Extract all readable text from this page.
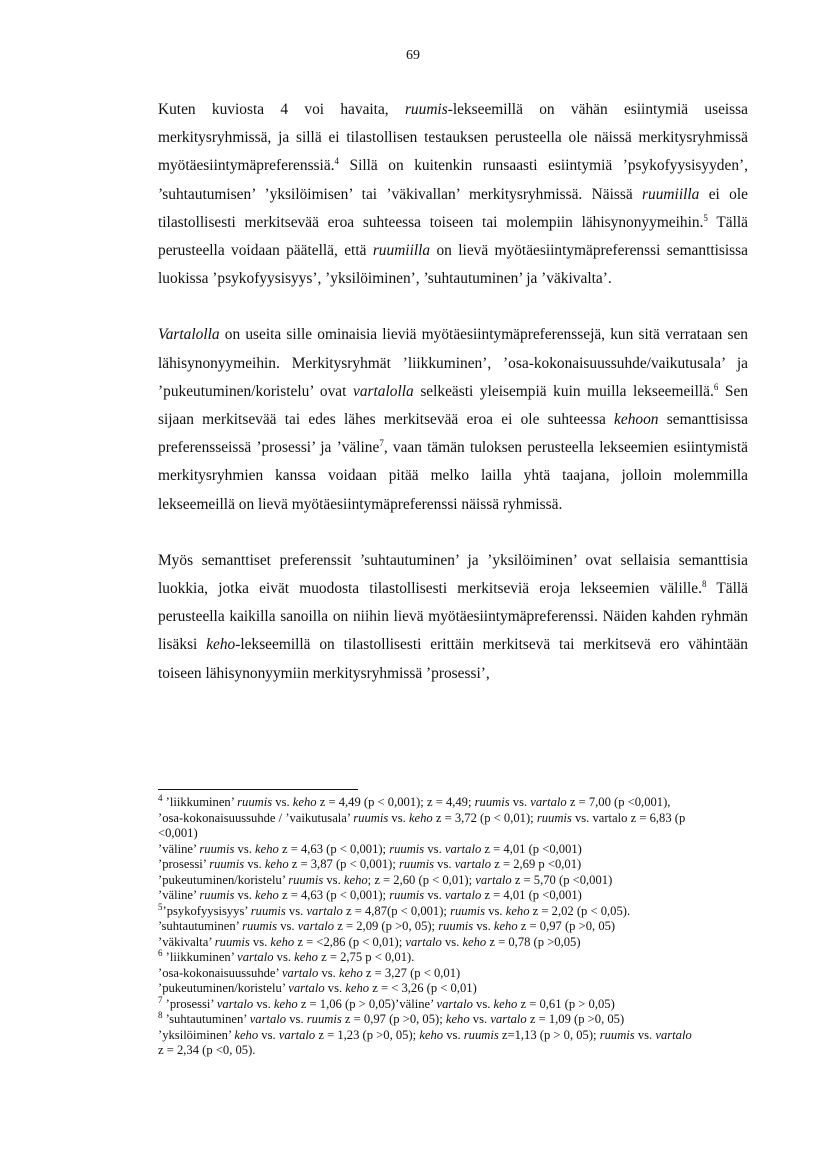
69

Kuten kuviosta 4 voi havaita, ruumis-lekseemillä on vähän esiintymiä useissa merkitysryhmissä, ja sillä ei tilastollisen testauksen perusteella ole näissä merkitysryhmissä myötäesiintymäpreferenssiä.$^4$ Sillä on kuitenkin runsaasti esiintymiä ’psykofyysisyyden’, ’suhtautumisen’ ’yksilöimisen’ tai ’väkivallan’ merkitysryhmissä. Näissä ruumiilla ei ole tilastollisesti merkitsevää eroa suhteessa toiseen tai molempiin lähisynonyymeihin.$^5$ Tällä perusteella voidaan päätellä, että ruumiilla on lievä myötäesiintymäpreferenssi semanttisissa luokissa ’psykofyysisyys’, ’yksilöiminen’, ’suhtautuminen’ ja ’väkivalta’.

Vartalolla on useita sille ominaisia lieviä myötäesiintymäpreferenssejä, kun sitä verrataan sen lähisynonyymeihin. Merkitysryhmät ’liikkuminen’, ’osa-kokonaisuussuhde/vaikutusala’ ja ’pukeutuminen/koristelu’ ovat vartalolla selkeästi yleisempiä kuin muilla lekseemeillä.$^6$ Sen sijaan merkitsevää tai edes lähes merkitsevää eroa ei ole suhteessa kehoon semanttisissa preferensseissä ’prosessi’ ja ’väline$^7$, vaan tämän tuloksen perusteella lekseemien esiintymistä merkitysryhmien kanssa voidaan pitää melko lailla yhtä taajana, jolloin molemmilla lekseemeillä on lievä myötäesiintymäpreferenssi näissä ryhmissä.

Myös semanttiset preferenssit ’suhtautuminen’ ja ’yksilöiminen’ ovat sellaisia semanttisia luokkia, jotka eivät muodosta tilastollisesti merkitseviä eroja lekseemien välille.$^8$ Tällä perusteella kaikilla sanoilla on niihin lievä myötäesiintymäpreferenssi. Näiden kahden ryhmän lisäksi keho-lekseemillä on tilastollisesti erittäin merkitsevä tai merkitsevä ero vähintään toiseen lähisynonyymiin merkitysryhmissä ’prosessi’,

$^4$ ’liikkuminen’ ruumis vs. keho z = 4,49 (p < 0,001); z = 4,49; ruumis vs. vartalo z = 7,00 (p <0,001),
’osa-kokonaisuussuhde / ’vaikutusala’ ruumis vs. keho z = 3,72 (p < 0,01); ruumis vs. vartalo z = 6,83 (p
<0,001)
’väline’ ruumis vs. keho z = 4,63 (p < 0,001); ruumis vs. vartalo z = 4,01 (p <0,001)
’prosessi’ ruumis vs. keho z = 3,87 (p < 0,001); ruumis vs. vartalo z = 2,69 p <0,01)
’pukeutuminen/koristelu’ ruumis vs. keho; z = 2,60 (p < 0,01); vartalo z = 5,70 (p <0,001)
’väline’ ruumis vs. keho z = 4,63 (p < 0,001); ruumis vs. vartalo z = 4,01 (p <0,001)
$^5$’psykofyysisyys’ ruumis vs. vartalo z = 4,87(p < 0,001); ruumis vs. keho z = 2,02 (p < 0,05).
’suhtautuminen’ ruumis vs. vartalo z = 2,09 (p >0, 05); ruumis vs. keho z = 0,97 (p >0, 05)
’väkivalta’ ruumis vs. keho z = <2,86 (p < 0,01); vartalo vs. keho z = 0,78 (p >0,05)
$^6$ ’liikkuminen’ vartalo vs. keho z = 2,75 p < 0,01).
’osa-kokonaisuussuhde’ vartalo vs. keho z = 3,27 (p < 0,01)
’pukeutuminen/koristelu’ vartalo vs. keho z = < 3,26 (p < 0,01)
$^7$ ’prosessi’ vartalo vs. keho z = 1,06 (p > 0,05)’väline’ vartalo vs. keho z = 0,61 (p > 0,05)
$^8$ ’suhtautuminen’ vartalo vs. ruumis z = 0,97 (p >0, 05); keho vs. vartalo z = 1,09 (p >0, 05)
’yksilöiminen’ keho vs. vartalo z = 1,23 (p >0, 05); keho vs. ruumis z=1,13 (p > 0, 05); ruumis vs. vartalo
z = 2,34 (p <0, 05).
